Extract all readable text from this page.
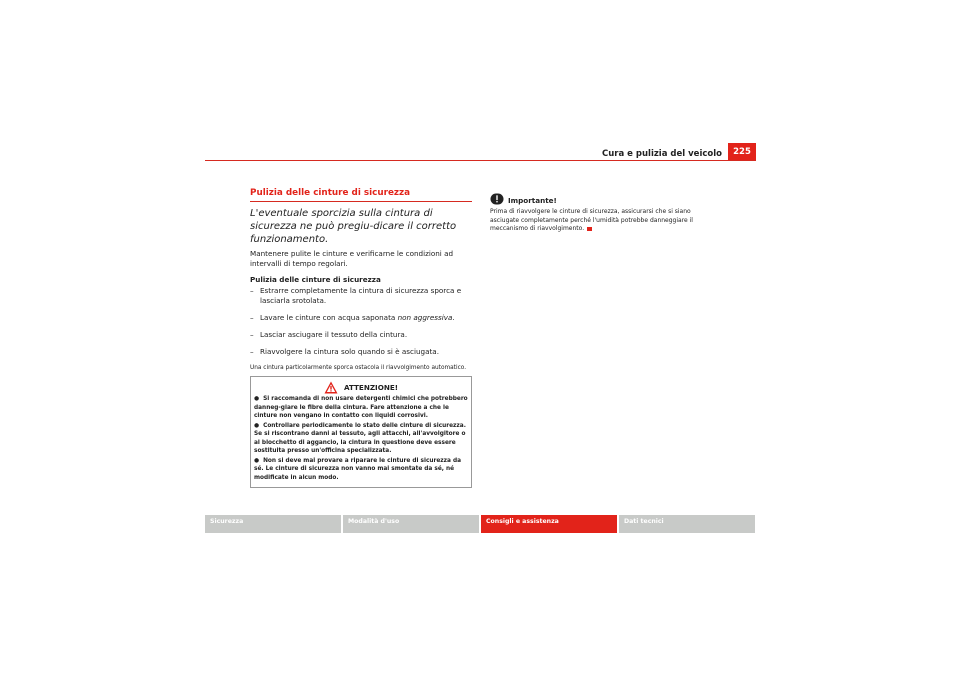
Cura e pulizia del veicolo	225
Pulizia delle cinture di sicurezza

L'eventuale sporcizia sulla cintura di sicurezza ne può pregiu-dicare il corretto funzionamento.

Mantenere pulite le cinture e verificarne le condizioni ad intervalli di tempo regolari.

Pulizia delle cinture di sicurezza

– Estrarre completamente la cintura di sicurezza sporca e lasciarla srotolata.
– Lavare le cinture con acqua saponata non aggressiva.
– Lasciar asciugare il tessuto della cintura.
– Riavvolgere la cintura solo quando si è asciugata.

Una cintura particolarmente sporca ostacola il riavvolgimento automatico.

ATTENZIONE!

● Si raccomanda di non usare detergenti chimici che potrebbero danneg-giare le fibre della cintura. Fare attenzione a che le cinture non vengano in contatto con liquidi corrosivi.

● Controllare periodicamente lo stato delle cinture di sicurezza. Se si riscontrano danni al tessuto, agli attacchi, all'avvolgitore o al blocchetto di aggancio, la cintura in questione deve essere sostituita presso un'officina specializzata.

● Non si deve mai provare a riparare le cinture di sicurezza da sé. Le cinture di sicurezza non vanno mai smontate da sé, né modificate in alcun modo.

Importante!

Prima di riavvolgere le cinture di sicurezza, assicurarsi che si siano asciugate completamente perché l'umidità potrebbe danneggiare il meccanismo di riavvolgimento.

Sicurezza	Modalità d'uso	Consigli e assistenza	Dati tecnici
